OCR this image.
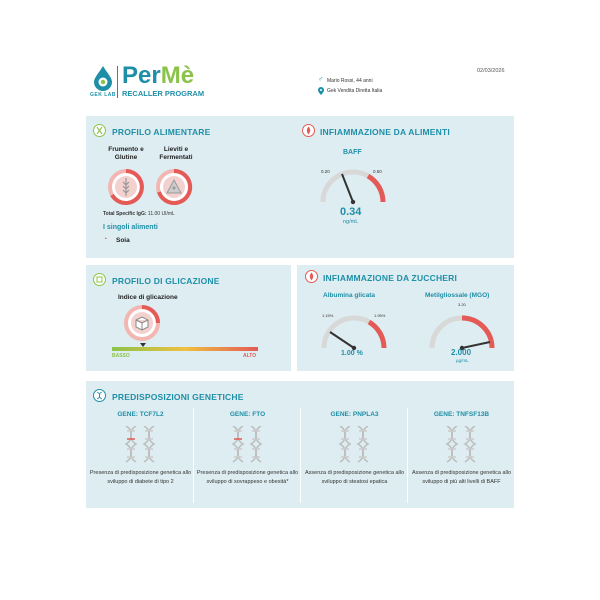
GEK LAB
PerMè
RECALLER PROGRAM
♂ Mario Rossi, 44 anni
Gek Vendita Diretta Italia
02/03/2026
PROFILO ALIMENTARE
Frumento e Glutine
Lieviti e Fermentati
Total Specific IgG: 11.00 UI/mL
I singoli alimenti
◔ Soia
INFIAMMAZIONE DA ALIMENTI
BAFF
0.20	0.50
0.34
ng/mL
PROFILO DI GLICAZIONE
Indice di glicazione
BASSO	ALTO
INFIAMMAZIONE DA ZUCCHERI
Albumina glicata
1.15%	1.95%
1.00 %
Metilgliossale (MGO)
3.20
2.000
µg/mL
PREDISPOSIZIONI GENETICHE
GENE: TCF7L2
Presenza di predisposizione genetica allo sviluppo di diabete di tipo 2
GENE: FTO
Presenza di predisposizione genetica allo sviluppo di sovrappeso e obesità*
GENE: PNPLA3
Assenza di predisposizione genetica allo sviluppo di steatosi epatica
GENE: TNFSF13B
Assenza di predisposizione genetica allo sviluppo di più alti livelli di BAFF
